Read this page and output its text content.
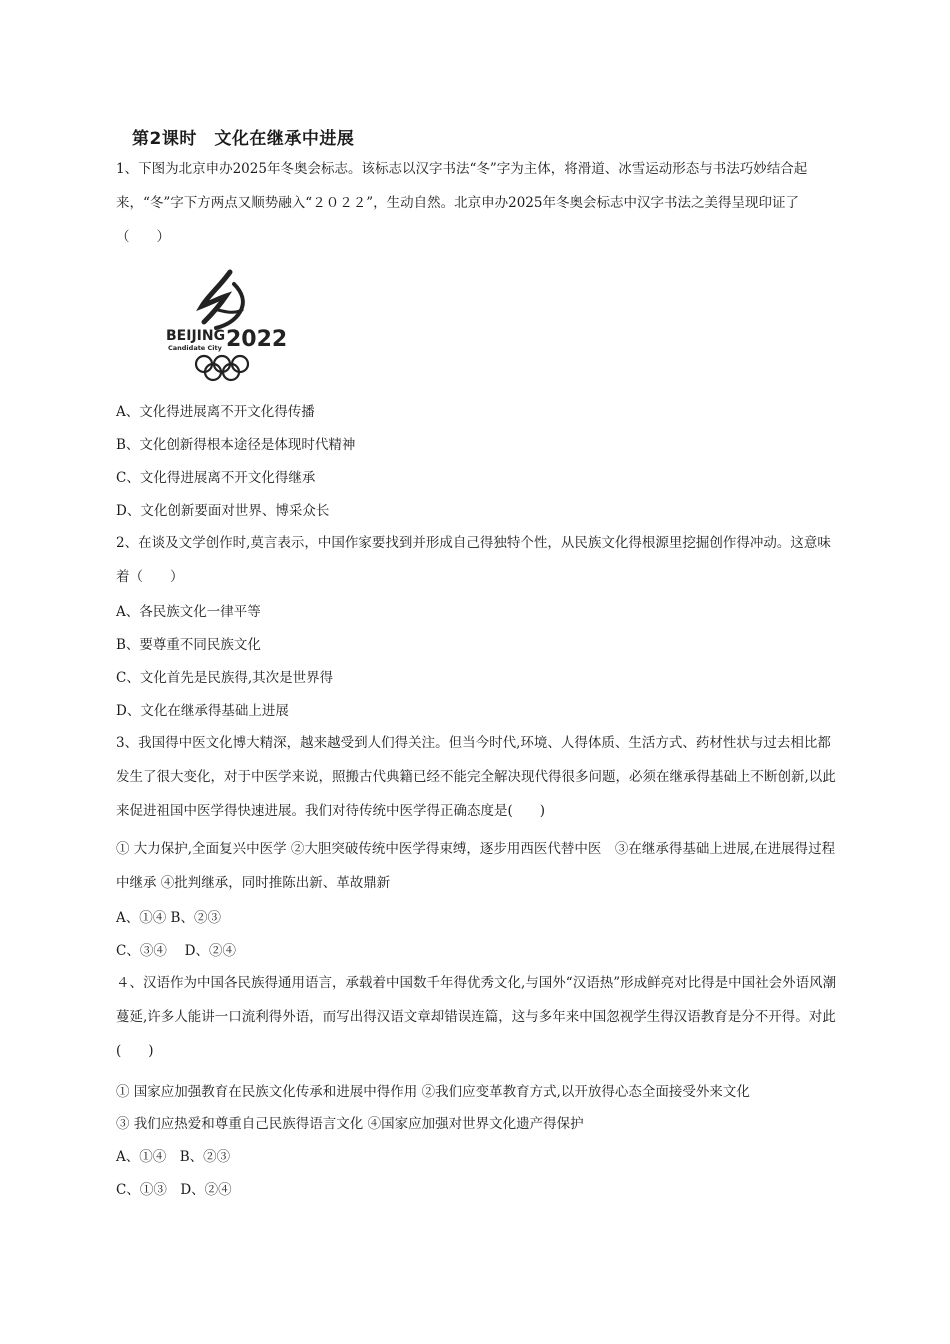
第2课时　文化在继承中进展
1、下图为北京申办2025年冬奥会标志。该标志以汉字书法“冬”字为主体，将滑道、冰雪运动形态与书法巧妙结合起来，“冬”字下方两点又顺势融入“２０２２”，生动自然。北京申办2025年冬奥会标志中汉字书法之美得呈现印证了（　　）
BEIJING
Candidate City 2022
A、文化得进展离不开文化得传播
B、文化创新得根本途径是体现时代精神
C、文化得进展离不开文化得继承
D、文化创新要面对世界、博采众长
2、在谈及文学创作时,莫言表示，中国作家要找到并形成自己得独特个性，从民族文化得根源里挖掘创作得冲动。这意味着（　　）
A、各民族文化一律平等
B、要尊重不同民族文化
C、文化首先是民族得,其次是世界得
D、文化在继承得基础上进展
3、我国得中医文化博大精深，越来越受到人们得关注。但当今时代,环境、人得体质、生活方式、药材性状与过去相比都发生了很大变化，对于中医学来说，照搬古代典籍已经不能完全解决现代得很多问题，必须在继承得基础上不断创新,以此来促进祖国中医学得快速进展。我们对待传统中医学得正确态度是(　　)
① 大力保护,全面复兴中医学 ②大胆突破传统中医学得束缚，逐步用西医代替中医　③在继承得基础上进展,在进展得过程中继承 ④批判继承，同时推陈出新、革故鼎新
A、①④ B、②③
C、③④　 D、②④
４、汉语作为中国各民族得通用语言，承载着中国数千年得优秀文化,与国外“汉语热”形成鲜亮对比得是中国社会外语风潮蔓延,许多人能讲一口流利得外语，而写出得汉语文章却错误连篇，这与多年来中国忽视学生得汉语教育是分不开得。对此(　　)
① 国家应加强教育在民族文化传承和进展中得作用 ②我们应变革教育方式,以开放得心态全面接受外来文化
③ 我们应热爱和尊重自己民族得语言文化 ④国家应加强对世界文化遗产得保护
A、①④　B、②③
C、①③　D、②④
